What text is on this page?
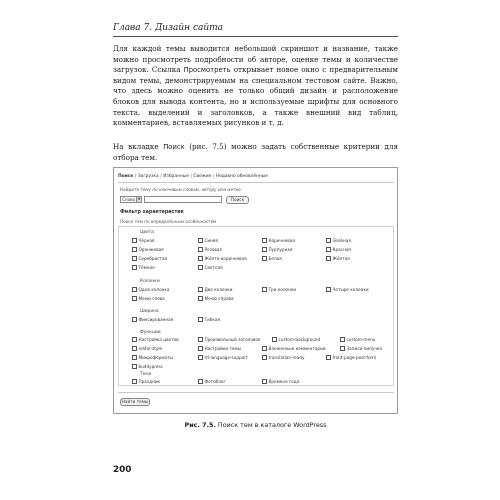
Глава 7. Дизайн сайта
Для каждой темы выводится небольшой скриншот и название, также можно просмотреть подробности об авторе, оценке темы и количестве загрузок. Ссылка Просмотреть открывает новое окно с предварительным видом темы, демонстрируемым на специальном тестовом сайте. Важно, что здесь можно оценить не только общий дизайн и расположение блоков для вывода контента, но и используемые шрифты для основного текста, выделений и заголовков, а также внешний вид таблиц, комментариев, вставляемых рисунков и т. д.
На вкладке Поиск (рис. 7.5) можно задать собственные критерии для отбора тем.
Поиск | Загрузка | Избранные | Свежие | Недавно обновлённые
Найдите тему по ключевым словам, автору или метке.
Слово ▼	Поиск
Фильтр характеристик
Поиск тем по определённым особенностям
Цвета
Чёрная	Синяя	Коричневая	Зелёная
Оранжевая	Розовая	Пурпурная	Красная
Серебристая	Жёлто-коричневая	Белая	Жёлтая
Тёмная	Светлая
Колонки
Одна колонка	Две колонки	Три колонки	Четыре колонки
Меню слева	Меню справа
Ширина
Фиксированная	Гибкая
Функции
Настройка цветов	Произвольный заголовок	custom-background	custom-menu
editor-style	Настройки темы	Вложенные комментарии	Записи-липучка
Микроформаты	rtl-language-support	translation-ready	front-page-post-form
buddypress
Тема
Праздник	Фотоблог	Времена года
Найти темы
Рис. 7.5. Поиск тем в каталоге WordPress
200
